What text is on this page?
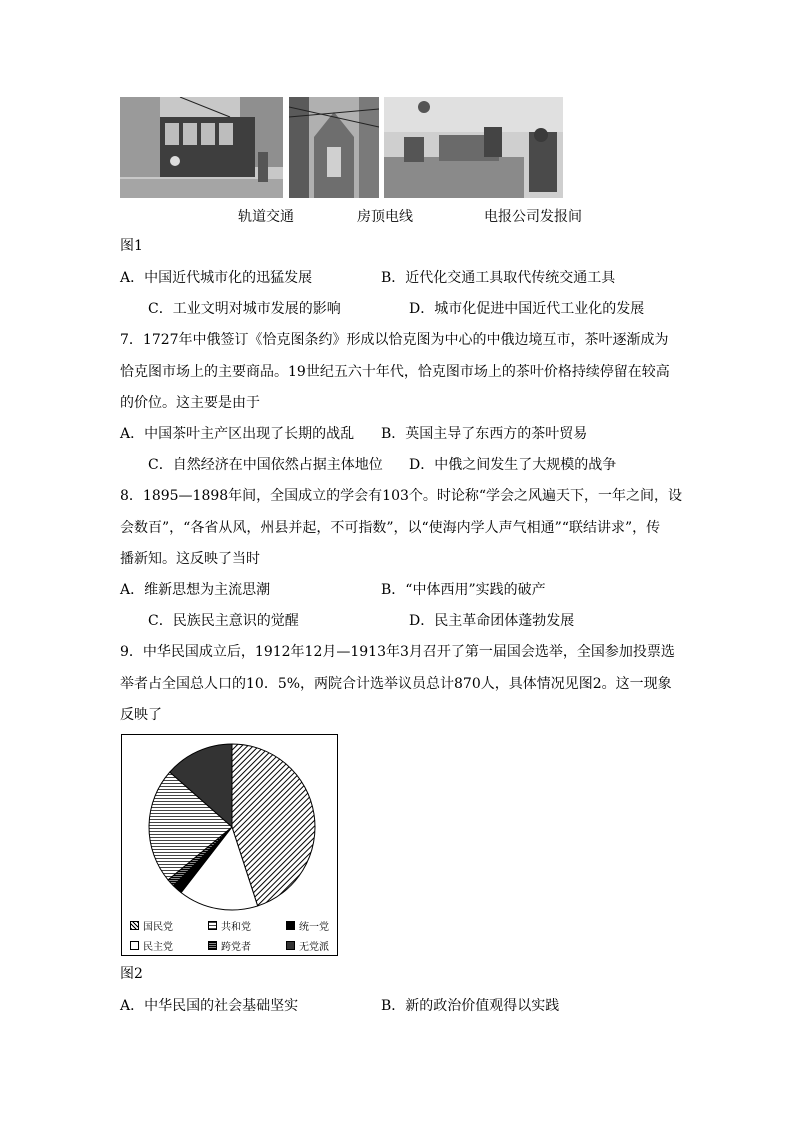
轨道交通	房顶电线	电报公司发报间
图1
A．中国近代城市化的迅猛发展	B．近代化交通工具取代传统交通工具
C．工业文明对城市发展的影响	D．城市化促进中国近代工业化的发展
7．1727年中俄签订《恰克图条约》形成以恰克图为中心的中俄边境互市，茶叶逐渐成为
恰克图市场上的主要商品。19世纪五六十年代，恰克图市场上的茶叶价格持续停留在较高
的价位。这主要是由于
A．中国茶叶主产区出现了长期的战乱 B．英国主导了东西方的茶叶贸易
C．自然经济在中国依然占据主体地位 D．中俄之间发生了大规模的战争
8．1895—1898年间，全国成立的学会有103个。时论称“学会之风遍天下，一年之间，设
会数百”，“各省从风，州县并起，不可指数”，以“使海内学人声气相通”“联结讲求”，传
播新知。这反映了当时
A．维新思想为主流思潮	B．“中体西用”实践的破产
C．民族民主意识的觉醒	D．民主革命团体蓬勃发展
9．中华民国成立后，1912年12月—1913年3月召开了第一届国会选举，全国参加投票选
举者占全国总人口的10．5%，两院合计选举议员总计870人，具体情况见图2。这一现象
反映了
国民党	共和党	统一党
民主党	跨党者	无党派
图2
A．中华民国的社会基础坚实	B．新的政治价值观得以实践
